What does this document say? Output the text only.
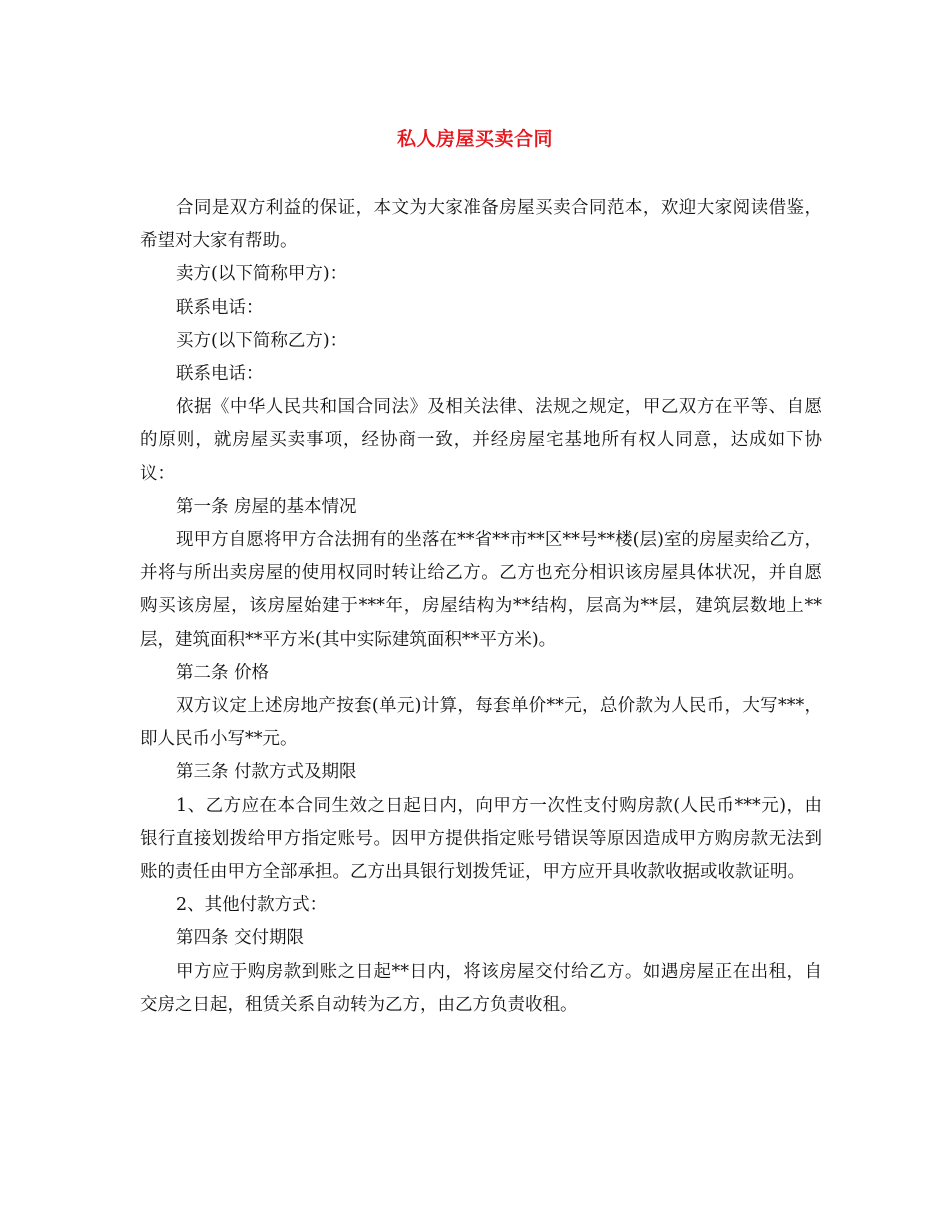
私人房屋买卖合同

合同是双方利益的保证，本文为大家准备房屋买卖合同范本，欢迎大家阅读借鉴，希望对大家有帮助。

卖方(以下简称甲方)：

联系电话：

买方(以下简称乙方)：

联系电话：

依据《中华人民共和国合同法》及相关法律、法规之规定，甲乙双方在平等、自愿的原则，就房屋买卖事项，经协商一致，并经房屋宅基地所有权人同意，达成如下协议：

第一条 房屋的基本情况

现甲方自愿将甲方合法拥有的坐落在**省**市**区**号**楼(层)室的房屋卖给乙方，并将与所出卖房屋的使用权同时转让给乙方。乙方也充分相识该房屋具体状况，并自愿购买该房屋，该房屋始建于***年，房屋结构为**结构，层高为**层，建筑层数地上**层，建筑面积**平方米(其中实际建筑面积**平方米)。

第二条 价格

双方议定上述房地产按套(单元)计算，每套单价**元，总价款为人民币，大写***，即人民币小写**元。

第三条 付款方式及期限

1、乙方应在本合同生效之日起日内，向甲方一次性支付购房款(人民币***元)，由银行直接划拨给甲方指定账号。因甲方提供指定账号错误等原因造成甲方购房款无法到账的责任由甲方全部承担。乙方出具银行划拨凭证，甲方应开具收款收据或收款证明。

2、其他付款方式：

第四条 交付期限

甲方应于购房款到账之日起**日内，将该房屋交付给乙方。如遇房屋正在出租，自交房之日起，租赁关系自动转为乙方，由乙方负责收租。
